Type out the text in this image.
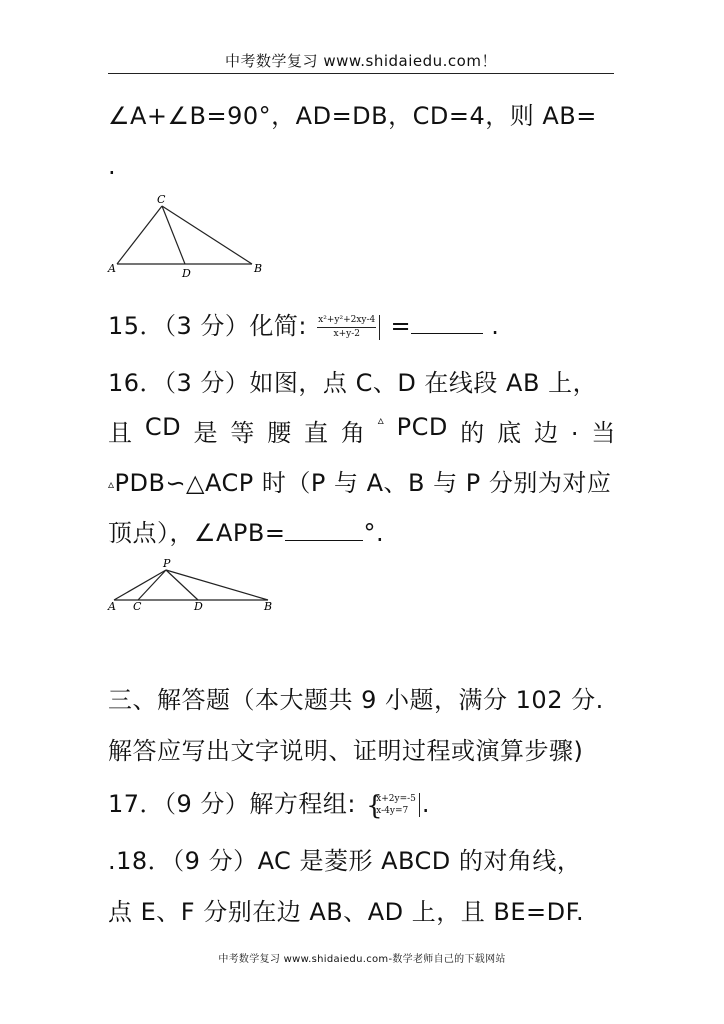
中考数学复习 www.shidaiedu.com！
∠A+∠B=90°，AD=DB，CD=4，则 AB=
.
C
A	D	B
15．（3 分）化简: $\frac{\text{x²+y²+2xy-4}}{x+y-2}$ =	.
16．（3 分）如图，点 C、D 在线段 AB 上，
且 CD 是 等 腰 直 角 ▵ PCD 的 底 边 . 当
▵PDB∽△ACP 时（P 与 A、B 与 P 分别为对应
顶点），∠APB=	°.
P
A C	D	B
三、解答题（本大题共 9 小题，满分 102 分.
解答应写出文字说明、证明过程或演算步骤)
17．（9 分）解方程组: {
x+2y=-5
x-4y=7 .
.18．（9 分）AC 是菱形 ABCD 的对角线，
点 E、F 分别在边 AB、AD 上，且 BE=DF.
中考数学复习 www.shidaiedu.com-数学老师自己的下载网站
